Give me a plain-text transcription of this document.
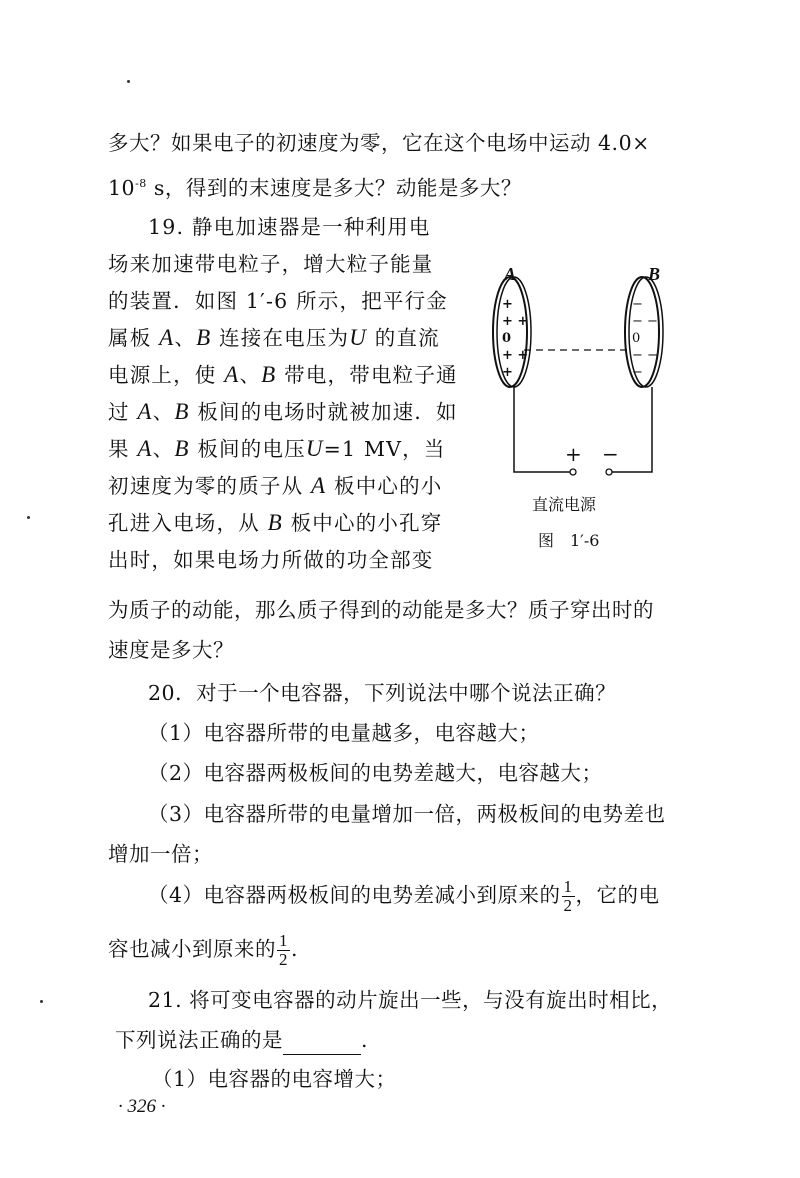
多大？如果电子的初速度为零，它在这个电场中运动 4.0×
$10^{-8}$ s，得到的末速度是多大？动能是多大？
19. 静电加速器是一种利用电
场来加速带电粒子，增大粒子能量
的装置．如图 1′-6 所示，把平行金
属板 A、B 连接在电压为U 的直流
电源上，使 A、B 带电，带电粒子通
过 A、B 板间的电场时就被加速．如
果 A、B 板间的电压U=1 MV，当
初速度为零的质子从 A 板中心的小
孔进入电场，从 B 板中心的小孔穿
出时，如果电场力所做的功全部变
为质子的动能，那么质子得到的动能是多大？质子穿出时的
速度是多大？
A	B
+
+ +
0
+ +
+
−
− −
0
− −
−
+ −
直流电源
图　1′-6
20．对于一个电容器，下列说法中哪个说法正确？
（1）电容器所带的电量越多，电容越大；
（2）电容器两极板间的电势差越大，电容越大；
（3）电容器所带的电量增加一倍，两极板间的电势差也
增加一倍；
（4）电容器两极板间的电势差减小到原来的 $\frac{1}{2}$ ，它的电
容也减小到原来的 $\frac{1}{2}$ .
21. 将可变电容器的动片旋出一些，与没有旋出时相比，
下列说法正确的是	.
（1）电容器的电容增大；
· 326 ·
